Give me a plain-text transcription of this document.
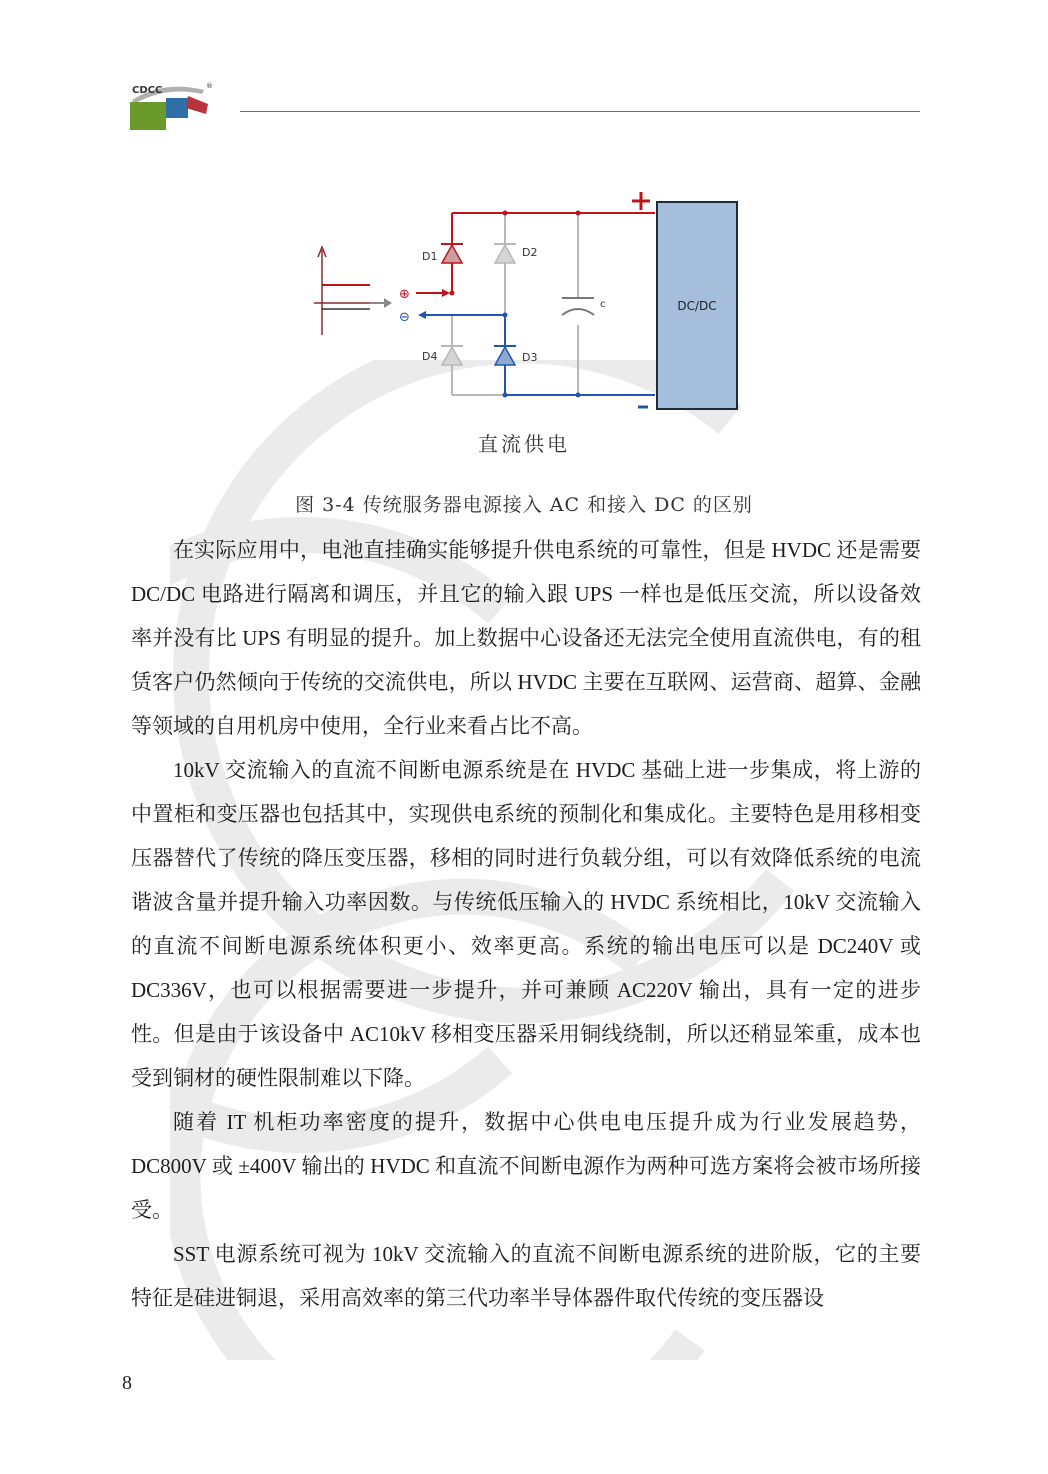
CDCC	®
D1	D2
D4	D3
c	DC/DC
⊕
⊖
直流供电
图 3-4 传统服务器电源接入 AC 和接入 DC 的区别

在实际应用中，电池直挂确实能够提升供电系统的可靠性，但是 HVDC 还是需要 DC/DC 电路进行隔离和调压，并且它的输入跟 UPS 一样也是低压交流，所以设备效率并没有比 UPS 有明显的提升。加上数据中心设备还无法完全使用直流供电，有的租赁客户仍然倾向于传统的交流供电，所以 HVDC 主要在互联网、运营商、超算、金融等领域的自用机房中使用，全行业来看占比不高。

10kV 交流输入的直流不间断电源系统是在 HVDC 基础上进一步集成，将上游的中置柜和变压器也包括其中，实现供电系统的预制化和集成化。主要特色是用移相变压器替代了传统的降压变压器，移相的同时进行负载分组，可以有效降低系统的电流谐波含量并提升输入功率因数。与传统低压输入的 HVDC 系统相比，10kV 交流输入的直流不间断电源系统体积更小、效率更高。系统的输出电压可以是 DC240V 或 DC336V，也可以根据需要进一步提升，并可兼顾 AC220V 输出，具有一定的进步性。但是由于该设备中 AC10kV 移相变压器采用铜线绕制，所以还稍显笨重，成本也受到铜材的硬性限制难以下降。

随着 IT 机柜功率密度的提升，数据中心供电电压提升成为行业发展趋势，DC800V 或 ±400V 输出的 HVDC 和直流不间断电源作为两种可选方案将会被市场所接受。

SST 电源系统可视为 10kV 交流输入的直流不间断电源系统的进阶版，它的主要特征是硅进铜退，采用高效率的第三代功率半导体器件取代传统的变压器设

8
